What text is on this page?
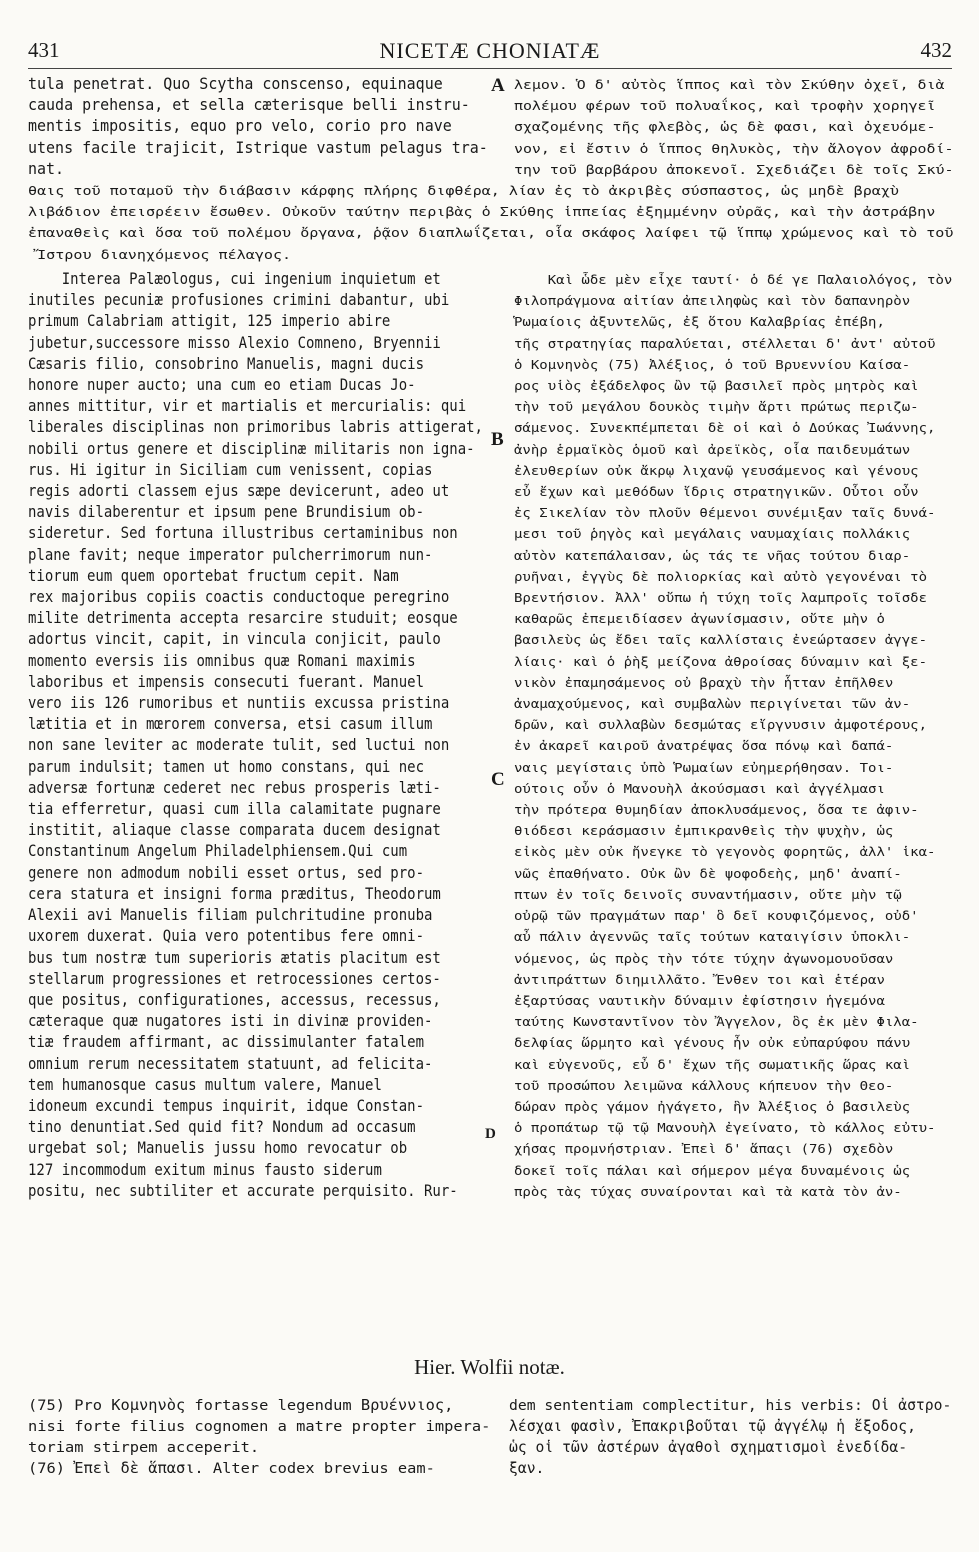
431	NICETÆ CHONIATÆ	432
tula penetrat. Quo Scytha conscenso, equinaque
cauda prehensa, et sella cæterisque belli instru-
mentis impositis, equo pro velo, corio pro nave
utens facile trajicit, Istrique vastum pelagus tra-
nat.
A λεμον. Ὁ δ' αὐτὸς ἵππος καὶ τὸν Σκύθην ὀχεῖ, διὰ
πολέμου φέρων τοῦ πολυαΐκος, καὶ τροφὴν χορηγεῖ
σχαζομένης τῆς φλεβὸς, ὡς δὲ φασι, καὶ ὀχευόμε-
νον, εἰ ἔστιν ὁ ἵππος θηλυκὸς, τὴν ἄλογον ἀφροδί-
την τοῦ βαρβάρου ἀποκενοῖ. Σχεδιάζει δὲ τοῖς Σκύ-
θαις τοῦ ποταμοῦ τὴν διάβασιν κάρφης πλήρης διφθέρα, λίαν ἐς τὸ ἀκριβὲς σύσπαστος, ὡς μηδὲ βραχὺ
λιβάδιον ἐπεισρέειν ἔσωθεν. Οὐκοῦν ταύτην περιβὰς ὁ Σκύθης ἱππείας ἐξημμένην οὐρᾶς, καὶ τὴν ἀστράβην
ἐπαναθεὶς καὶ ὅσα τοῦ πολέμου ὄργανα, ῥᾷον διαπλωΐζεται, οἷα σκάφος λαίφει τῷ ἵππῳ χρώμενος καὶ τὸ τοῦ
Ἴστρου διανηχόμενος πέλαγος.
Interea Palæologus, cui ingenium inquietum et
inutiles pecuniæ profusiones crimini dabantur, ubi
primum Calabriam attigit, 125 imperio abire
jubetur,successore misso Alexio Comneno, Bryennii
Cæsaris filio, consobrino Manuelis, magni ducis
honore nuper aucto; una cum eo etiam Ducas Jo-
annes mittitur, vir et martialis et mercurialis: qui
liberales disciplinas non primoribus labris attigerat,
nobili ortus genere et disciplinæ militaris non igna-
rus. Hi igitur in Siciliam cum venissent, copias
regis adorti classem ejus sæpe devicerunt, adeo ut
navis dilaberentur et ipsum pene Brundisium ob-
sideretur. Sed fortuna illustribus certaminibus non
plane favit; neque imperator pulcherrimorum nun-
tiorum eum quem oportebat fructum cepit. Nam
rex majoribus copiis coactis conductoque peregrino
milite detrimenta accepta resarcire studuit; eosque
adortus vincit, capit, in vincula conjicit, paulo
momento eversis iis omnibus quæ Romani maximis
laboribus et impensis consecuti fuerant. Manuel
vero iis 126 rumoribus et nuntiis excussa pristina
lætitia et in mœrorem conversa, etsi casum illum
non sane leviter ac moderate tulit, sed luctui non
parum indulsit; tamen ut homo constans, qui nec
adversæ fortunæ cederet nec rebus prosperis læti-
tia efferretur, quasi cum illa calamitate pugnare
institit, aliaque classe comparata ducem designat
Constantinum Angelum Philadelphiensem.Qui cum
genere non admodum nobili esset ortus, sed pro-
cera statura et insigni forma præditus, Theodorum
Alexii avi Manuelis filiam pulchritudine pronuba
uxorem duxerat. Quia vero potentibus fere omni-
bus tum nostræ tum superioris ætatis placitum est
stellarum progressiones et retrocessiones certos-
que positus, configurationes, accessus, recessus,
cæteraque quæ nugatores isti in divinæ providen-
tiæ fraudem affirmant, ac dissimulanter fatalem
omnium rerum necessitatem statuunt, ad felicita-
tem humanosque casus multum valere, Manuel
idoneum excundi tempus inquirit, idque Constan-
tino denuntiat.Sed quid fit? Nondum ad occasum
urgebat sol; Manuelis jussu homo revocatur ob
127 incommodum exitum minus fausto siderum
positu, nec subtiliter et accurate perquisito. Rur-
Καὶ ὧδε μὲν εἶχε ταυτί· ὁ δέ γε Παλαιολόγος, τὸν
Φιλοπράγμονα αἰτίαν ἀπειληφὼς καὶ τὸν δαπανηρὸν
Ῥωμαίοις ἀξυντελῶς, ἐξ ὅτου Καλαβρίας ἐπέβη,
τῆς στρατηγίας παραλύεται, στέλλεται δ' ἀντ' αὐτοῦ
ὁ Κομνηνὸς (75) Ἀλέξιος, ὁ τοῦ Βρυεννίου Καίσα-
ρος υἱὸς ἐξάδελφος ὢν τῷ βασιλεῖ πρὸς μητρὸς καὶ
τὴν τοῦ μεγάλου δουκὸς τιμὴν ἄρτι πρώτως περιζω-
σάμενος. Συνεκπέμπεται δὲ οἱ καὶ ὁ Δούκας Ἰωάννης,
ἀνὴρ ἑρμαϊκὸς ὁμοῦ καὶ ἀρεϊκὸς, οἷα παιδευμάτων
ἐλευθερίων οὐκ ἄκρῳ λιχανῷ γευσάμενος καὶ γένους
εὖ ἔχων καὶ μεθόδων ἴδρις στρατηγικῶν. Οὗτοι οὖν
ἐς Σικελίαν τὸν πλοῦν θέμενοι συνέμιξαν ταῖς δυνά-
μεσι τοῦ ῥηγὸς καὶ μεγάλαις ναυμαχίαις πολλάκις
αὐτὸν κατεπάλαισαν, ὡς τάς τε νῆας τούτου διαρ-
ρυῆναι, ἐγγὺς δὲ πολιορκίας καὶ αὐτὸ γεγονέναι τὸ
Βρεντήσιον. Ἀλλ' οὔπω ἡ τύχη τοῖς λαμπροῖς τοῖσδε
καθαρῶς ἐπεμειδίασεν ἀγωνίσμασιν, οὔτε μὴν ὁ
βασιλεὺς ὡς ἔδει ταῖς καλλίσταις ἐνεώρτασεν ἀγγε-
λίαις· καὶ ὁ ῥὴξ μείζονα ἀθροίσας δύναμιν καὶ ξε-
νικὸν ἐπαμησάμενος οὐ βραχὺ τὴν ἧτταν ἐπῆλθεν
ἀναμαχούμενος, καὶ συμβαλὼν περιγίνεται τῶν ἀν-
δρῶν, καὶ συλλαβὼν δεσμώτας εἴργνυσιν ἀμφοτέρους,
ἐν ἀκαρεῖ καιροῦ ἀνατρέψας ὅσα πόνῳ καὶ δαπά-
ναις μεγίσταις ὑπὸ Ῥωμαίων εὐημερήθησαν. Τοι-
ούτοις οὖν ὁ Μανουὴλ ἀκούσμασι καὶ ἀγγέλμασι
τὴν πρότερα θυμηδίαν ἀποκλυσάμενος, ὅσα τε ἀφιν-
θιόδεσι κεράσμασιν ἐμπικρανθεὶς τὴν ψυχὴν, ὡς
εἰκὸς μὲν οὐκ ἤνεγκε τὸ γεγονὸς φορητῶς, ἀλλ' ἱκα-
νῶς ἐπαθήνατο. Οὐκ ὢν δὲ ψοφοδεὴς, μηδ' ἀναπί-
πτων ἐν τοῖς δεινοῖς συναντήμασιν, οὔτε μὴν τῷ
οὐρῷ τῶν πραγμάτων παρ' ὃ δεῖ κουφιζόμενος, οὐδ'
αὖ πάλιν ἀγεννῶς ταῖς τούτων καταιγίσιν ὑποκλι-
νόμενος, ὡς πρὸς τὴν τότε τύχην ἀγωνομουοῦσαν
ἀντιπράττων διημιλλᾶτο. Ἔνθεν τοι καὶ ἑτέραν
ἐξαρτύσας ναυτικὴν δύναμιν ἐφίστησιν ἡγεμόνα
ταύτης Κωνσταντῖνον τὸν Ἄγγελον, ὃς ἐκ μὲν Φιλα-
δελφίας ὥρμητο καὶ γένους ἦν οὐκ εὐπαρύφου πάνυ
καὶ εὐγενοῦς, εὖ δ' ἔχων τῆς σωματικῆς ὥρας καὶ
τοῦ προσώπου λειμῶνα κάλλους κήπευον τὴν Θεο-
δώραν πρὸς γάμον ἠγάγετο, ἣν Ἀλέξιος ὁ βασιλεὺς
ὁ προπάτωρ τῷ τῷ Μανουὴλ ἐγείνατο, τὸ κάλλος εὐτυ-
χήσας προμνήστριαν. Ἐπεὶ δ' ἅπαςι (76) σχεδὸν
δοκεῖ τοῖς πάλαι καὶ σήμερον μέγα δυναμένοις ὡς
πρὸς τὰς τύχας συναίρονται καὶ τὰ κατὰ τὸν ἀν-
B
C
D
Hier. Wolfii notæ.
(75) Pro Κομνηνὸς fortasse legendum Βρυέννιος,
nisi forte filius cognomen a matre propter impera-
toriam stirpem acceperit.
(76) Ἐπεὶ δὲ ἅπασι. Alter codex brevius eam-
dem sententiam complectitur, his verbis: Οἱ ἀστρο-
λέσχαι φασὶν, Ἐπακριβοῦται τῷ ἀγγέλῳ ἡ ἔξοδος,
ὡς οἱ τῶν ἀστέρων ἀγαθοὶ σχηματισμοὶ ἐνεδίδα-
ξαν.
